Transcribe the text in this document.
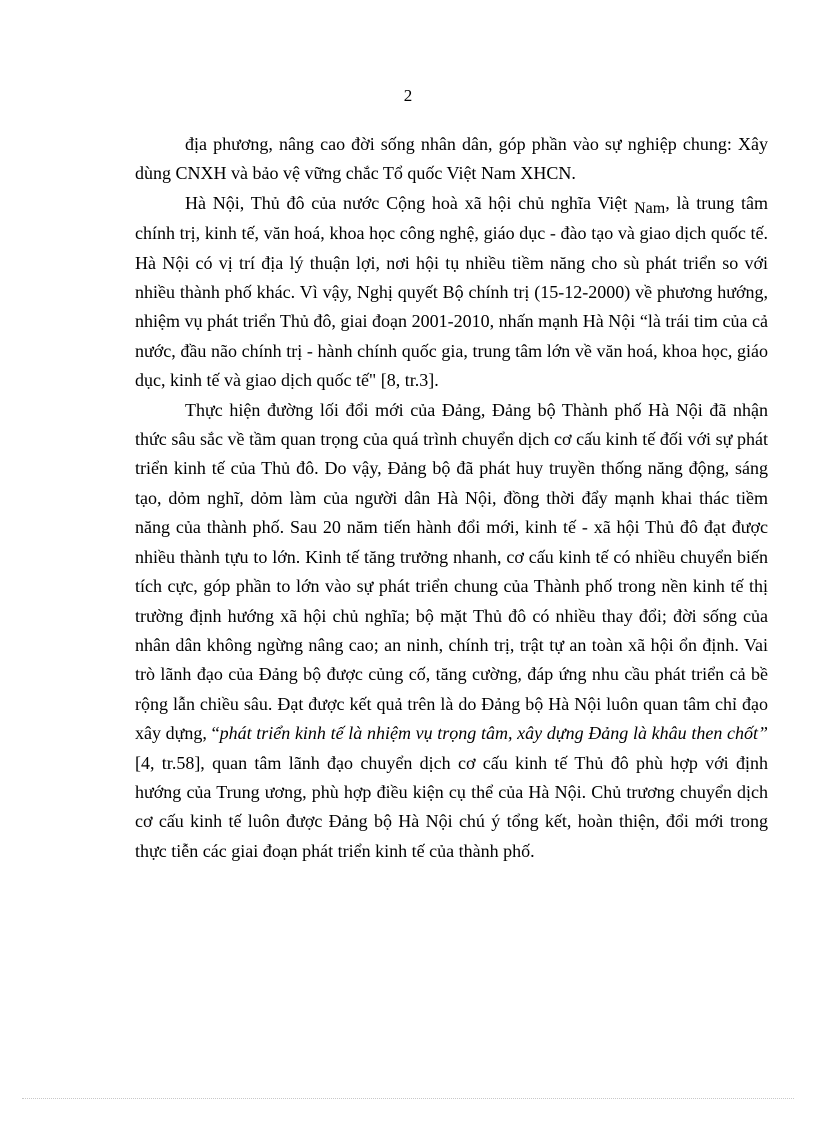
2

địa phương, nâng cao đời sống nhân dân, góp phần vào sự nghiệp chung: Xây dùng CNXH và bảo vệ vững chắc Tổ quốc Việt Nam XHCN.

Hà Nội, Thủ đô của nước Cộng hoà xã hội chủ nghĩa Việt Nam, là trung tâm chính trị, kinh tế, văn hoá, khoa học công nghệ, giáo dục - đào tạo và giao dịch quốc tế. Hà Nội có vị trí địa lý thuận lợi, nơi hội tụ nhiều tiềm năng cho sù phát triển so với nhiều thành phố khác. Vì vậy, Nghị quyết Bộ chính trị (15-12-2000) về phương hướng, nhiệm vụ phát triển Thủ đô, giai đoạn 2001-2010, nhấn mạnh Hà Nội “là trái tim của cả nước, đầu não chính trị - hành chính quốc gia, trung tâm lớn về văn hoá, khoa học, giáo dục, kinh tế và giao dịch quốc tế" [8, tr.3].

Thực hiện đường lối đổi mới của Đảng, Đảng bộ Thành phố Hà Nội đã nhận thức sâu sắc về tầm quan trọng của quá trình chuyển dịch cơ cấu kinh tế đối với sự phát triển kinh tế của Thủ đô. Do vậy, Đảng bộ đã phát huy truyền thống năng động, sáng tạo, dỏm nghĩ, dỏm làm của người dân Hà Nội, đồng thời đẩy mạnh khai thác tiềm năng của thành phố. Sau 20 năm tiến hành đổi mới, kinh tế - xã hội Thủ đô đạt được nhiều thành tựu to lớn. Kinh tế tăng trưởng nhanh, cơ cấu kinh tế có nhiều chuyển biến tích cực, góp phần to lớn vào sự phát triển chung của Thành phố trong nền kinh tế thị trường định hướng xã hội chủ nghĩa; bộ mặt Thủ đô có nhiều thay đổi; đời sống của nhân dân không ngừng nâng cao; an ninh, chính trị, trật tự an toàn xã hội ổn định. Vai trò lãnh đạo của Đảng bộ được củng cố, tăng cường, đáp ứng nhu cầu phát triển cả bề rộng lẫn chiều sâu. Đạt được kết quả trên là do Đảng bộ Hà Nội luôn quan tâm chỉ đạo xây dựng, “phát triển kinh tế là nhiệm vụ trọng tâm, xây dựng Đảng là khâu then chốt” [4, tr.58], quan tâm lãnh đạo chuyển dịch cơ cấu kinh tế Thủ đô phù hợp với định hướng của Trung ương, phù hợp điều kiện cụ thể của Hà Nội. Chủ trương chuyển dịch cơ cấu kinh tế luôn được Đảng bộ Hà Nội chú ý tổng kết, hoàn thiện, đổi mới trong thực tiễn các giai đoạn phát triển kinh tế của thành phố.
